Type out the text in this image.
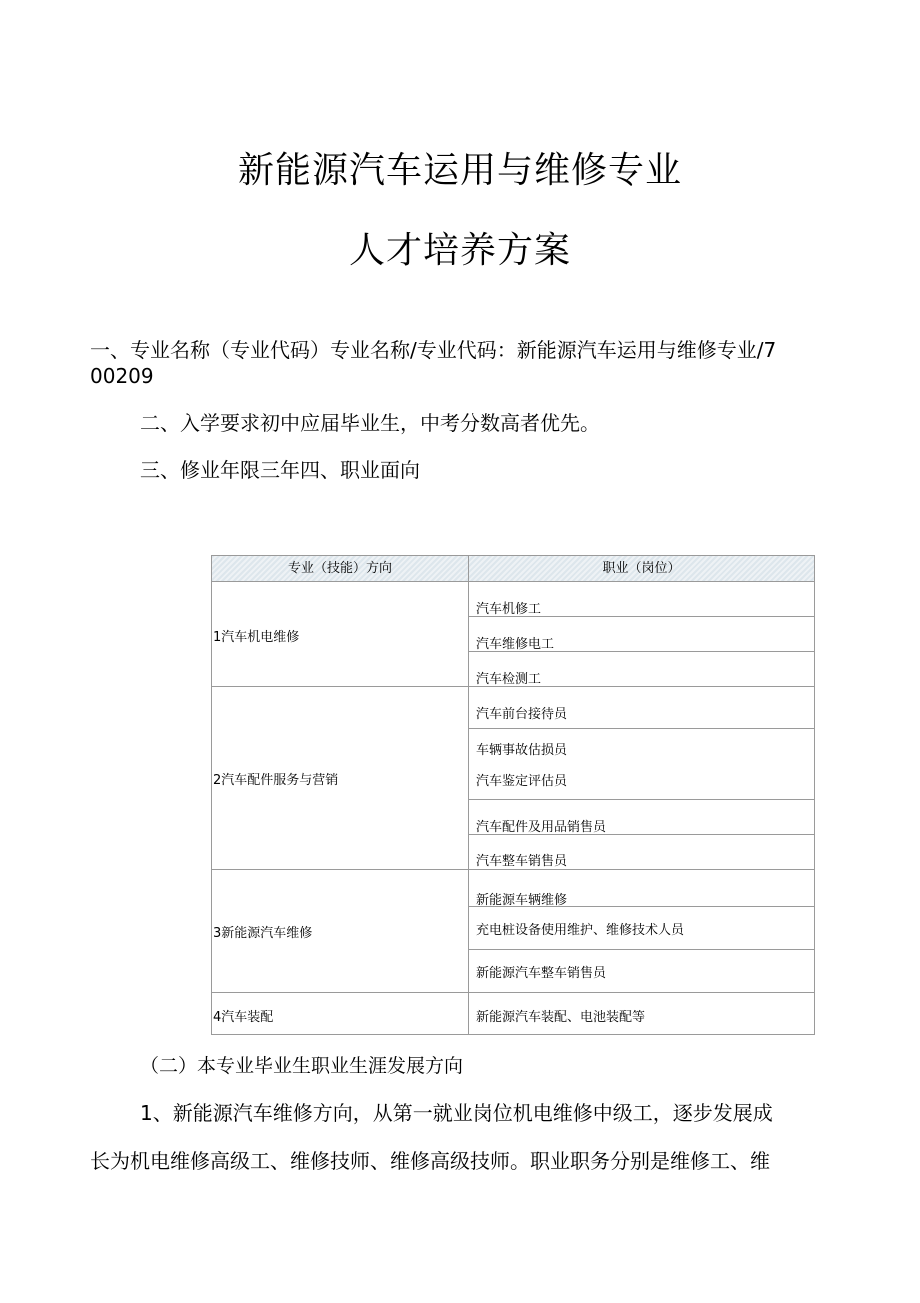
新能源汽车运用与维修专业
人才培养方案
一、专业名称（专业代码）专业名称/专业代码：新能源汽车运用与维修专业/7
00209
二、入学要求初中应届毕业生，中考分数高者优先。
三、修业年限三年四、职业面向
专业（技能）方向	职业（岗位）
1汽车机电维修
2汽车配件服务与营销
3新能源汽车维修
4汽车装配
汽车机修工
汽车维修电工
汽车检测工
汽车前台接待员
车辆事故估损员
汽车鉴定评估员
汽车配件及用品销售员
汽车整车销售员
新能源车辆维修
充电桩设备使用维护、维修技术人员
新能源汽车整车销售员
新能源汽车装配、电池装配等
（二）本专业毕业生职业生涯发展方向
1、新能源汽车维修方向，从第一就业岗位机电维修中级工，逐步发展成
长为机电维修高级工、维修技师、维修高级技师。职业职务分别是维修工、维
